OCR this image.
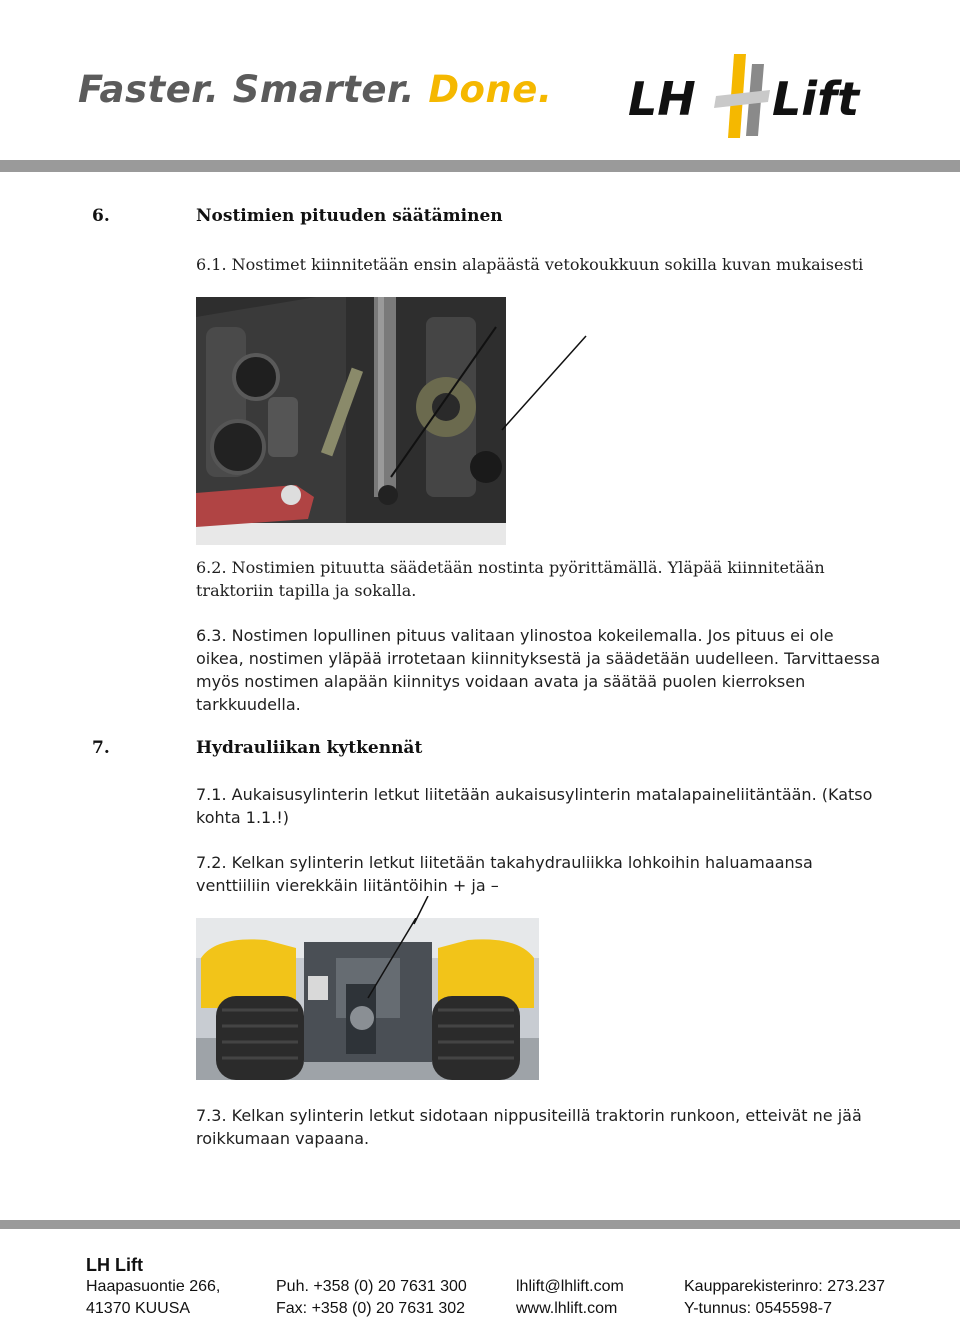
Faster. Smarter. Done. LH Lift
6.	Nostimien pituuden säätäminen
6.1. Nostimet kiinnitetään ensin alapäästä vetokoukkuun sokilla kuvan mukaisesti
6.2. Nostimien pituutta säädetään nostinta pyörittämällä. Yläpää kiinnitetään traktoriin tapilla ja sokalla.
6.3. Nostimen lopullinen pituus valitaan ylinostoa kokeilemalla. Jos pituus ei ole oikea, nostimen yläpää irrotetaan kiinnityksestä ja säädetään uudelleen. Tarvittaessa myös nostimen alapään kiinnitys voidaan avata ja säätää puolen kierroksen tarkkuudella.
7.	Hydrauliikan kytkennät
7.1. Aukaisusylinterin letkut liitetään aukaisusylinterin matalapaineliitäntään. (Katso kohta 1.1.!)
7.2. Kelkan sylinterin letkut liitetään takahydrauliikka lohkoihin haluamaansa venttiiliin vierekkäin liitäntöihin + ja –
7.3. Kelkan sylinterin letkut sidotaan nippusiteillä traktorin runkoon, etteivät ne jää roikkumaan vapaana.
LH Lift
Haapasuontie 266,
41370 KUUSA
Puh. +358 (0) 20 7631 300
Fax: +358 (0) 20 7631 302
lhlift@lhlift.com
www.lhlift.com
Kaupparekisterinro: 273.237
Y-tunnus: 0545598-7
